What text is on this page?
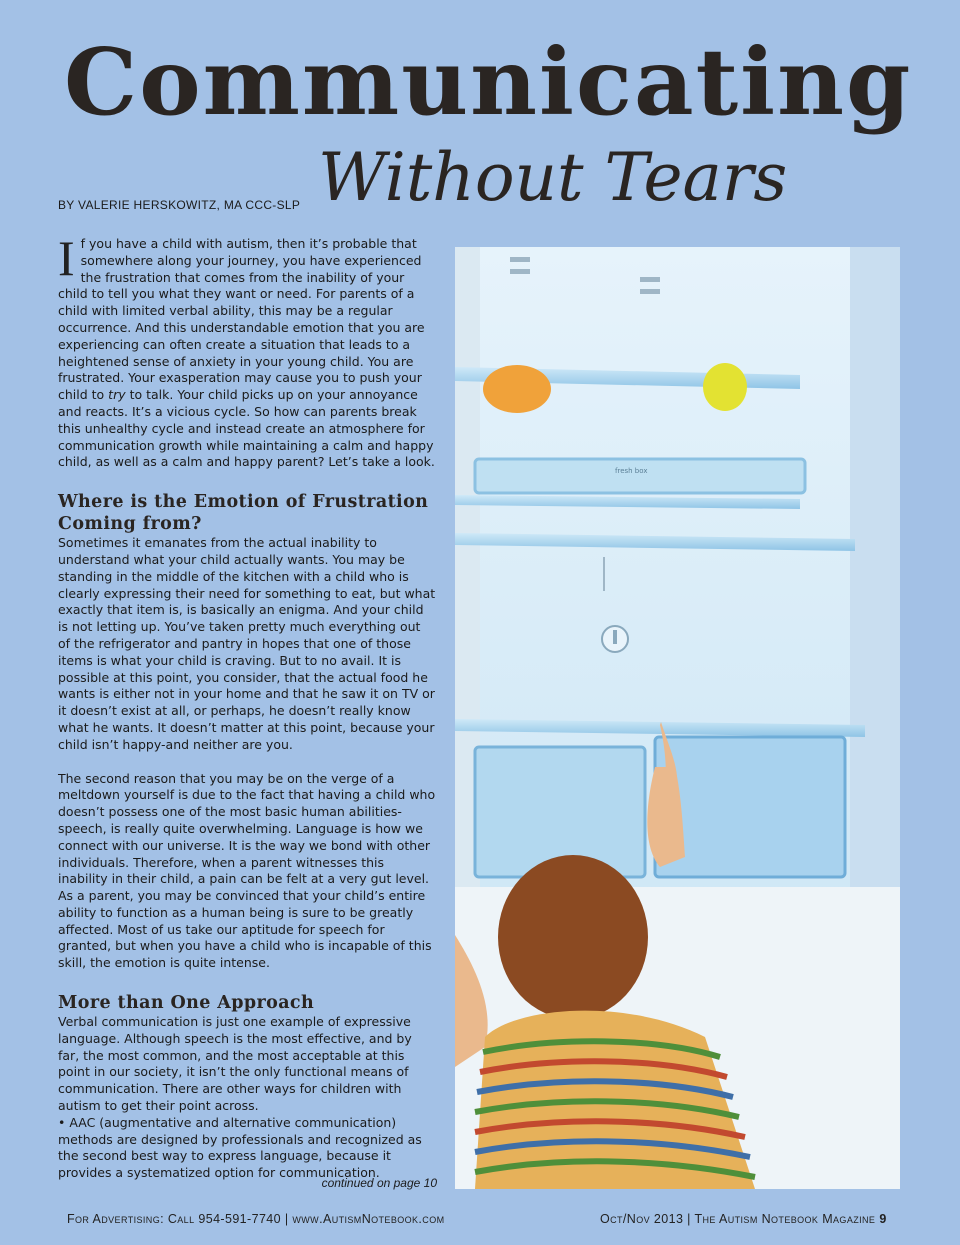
Communicating
Without Tears
BY VALERIE HERSKOWITZ, MA CCC-SLP

If you have a child with autism, then it’s probable that somewhere along your journey, you have experienced the frustration that comes from the inability of your child to tell you what they want or need. For parents of a child with limited verbal ability, this may be a regular occurrence. And this understandable emotion that you are experiencing can often create a situation that leads to a heightened sense of anxiety in your young child. You are frustrated. Your exasperation may cause you to push your child to try to talk. Your child picks up on your annoyance and reacts. It’s a vicious cycle. So how can parents break this unhealthy cycle and instead create an atmosphere for communication growth while maintaining a calm and happy child, as well as a calm and happy parent? Let’s take a look.

Where is the Emotion of Frustration Coming from?

Sometimes it emanates from the actual inability to understand what your child actually wants. You may be standing in the middle of the kitchen with a child who is clearly expressing their need for something to eat, but what exactly that item is, is basically an enigma. And your child is not letting up. You’ve taken pretty much everything out of the refrigerator and pantry in hopes that one of those items is what your child is craving. But to no avail. It is possible at this point, you consider, that the actual food he wants is either not in your home and that he saw it on TV or it doesn’t exist at all, or perhaps, he doesn’t really know what he wants. It doesn’t matter at this point, because your child isn’t happy-and neither are you.

The second reason that you may be on the verge of a meltdown yourself is due to the fact that having a child who doesn’t possess one of the most basic human abilities-speech, is really quite overwhelming. Language is how we connect with our universe. It is the way we bond with other individuals. Therefore, when a parent witnesses this inability in their child, a pain can be felt at a very gut level. As a parent, you may be convinced that your child’s entire ability to function as a human being is sure to be greatly affected. Most of us take our aptitude for speech for granted, but when you have a child who is incapable of this skill, the emotion is quite intense.

More than One Approach

Verbal communication is just one example of expressive language. Although speech is the most effective, and by far, the most common, and the most acceptable at this point in our society, it isn’t the only functional means of communication. There are other ways for children with autism to get their point across.

• AAC (augmentative and alternative communication) methods are designed by professionals and recognized as the second best way to express language, because it provides a systematized option for communication.

continued on page 10
fresh box
For Advertising: Call 954-591-7740 | www.AutismNotebook.com	Oct/Nov 2013 | The Autism Notebook Magazine 9
